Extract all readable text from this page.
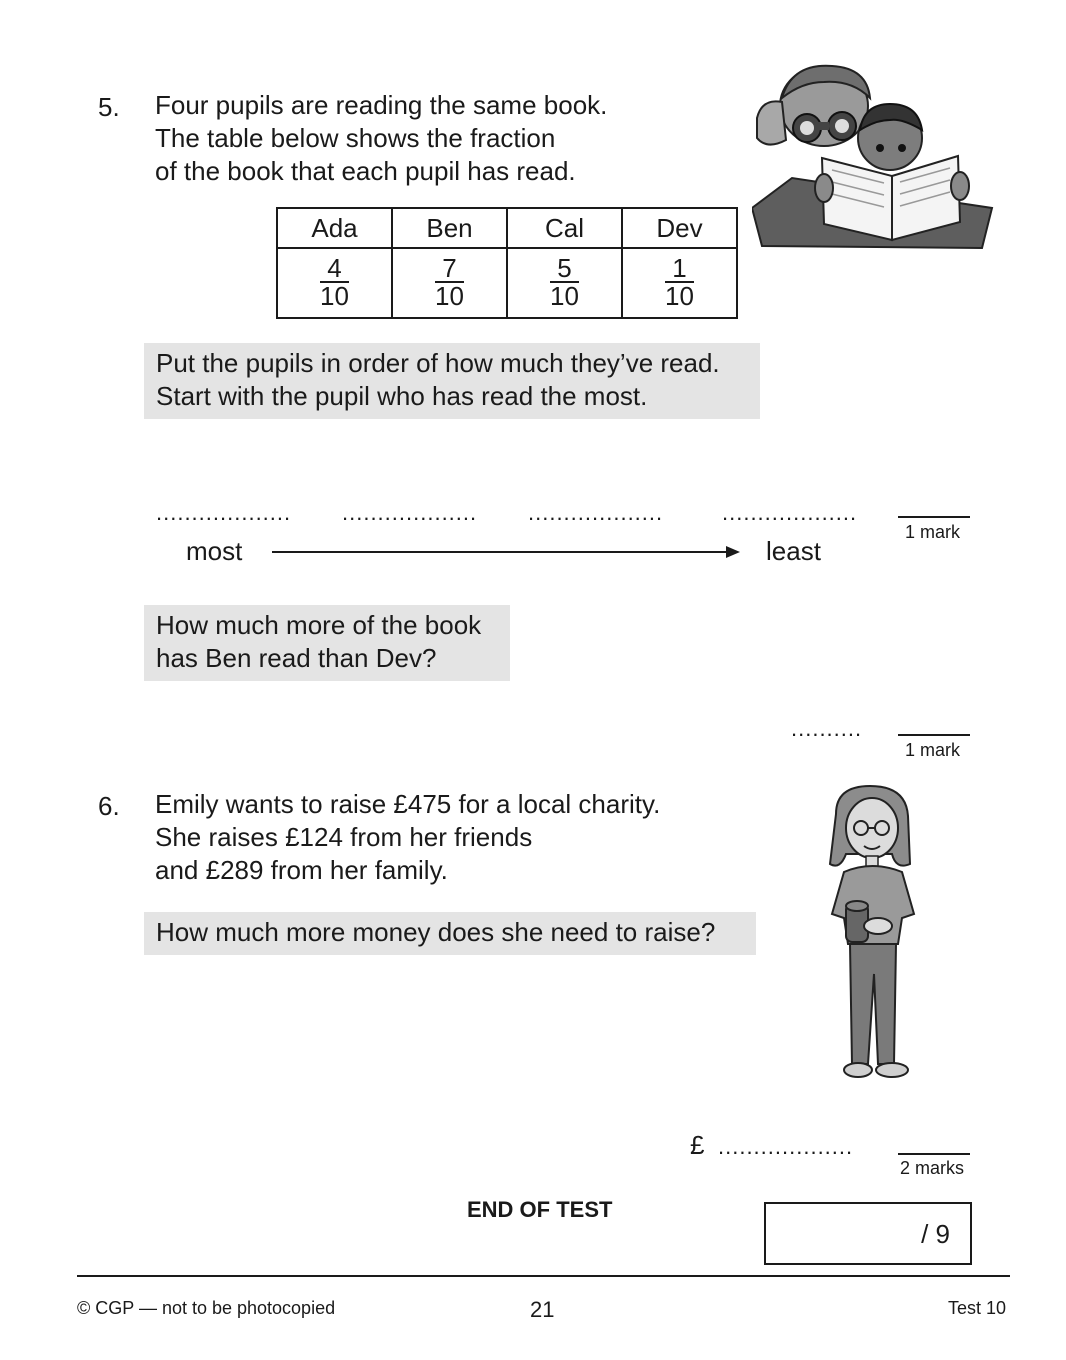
5. Four pupils are reading the same book.
The table below shows the fraction
of the book that each pupil has read.
Ada	Ben	Cal	Dev

$\frac{4}{10}$	$\frac{7}{10}$	$\frac{5}{10}$	$\frac{1}{10}$
Put the pupils in order of how much they’ve read.
Start with the pupil who has read the most.
................... ................... ...................	...................
1 mark
most	least
How much more of the book
has Ben read than Dev?
..........
1 mark
6. Emily wants to raise £475 for a local charity.
She raises £124 from her friends
and £289 from her family.
How much more money does she need to raise?
£ ...................
2 marks
END OF TEST
/ 9
© CGP — not to be photocopied	21	Test 10
